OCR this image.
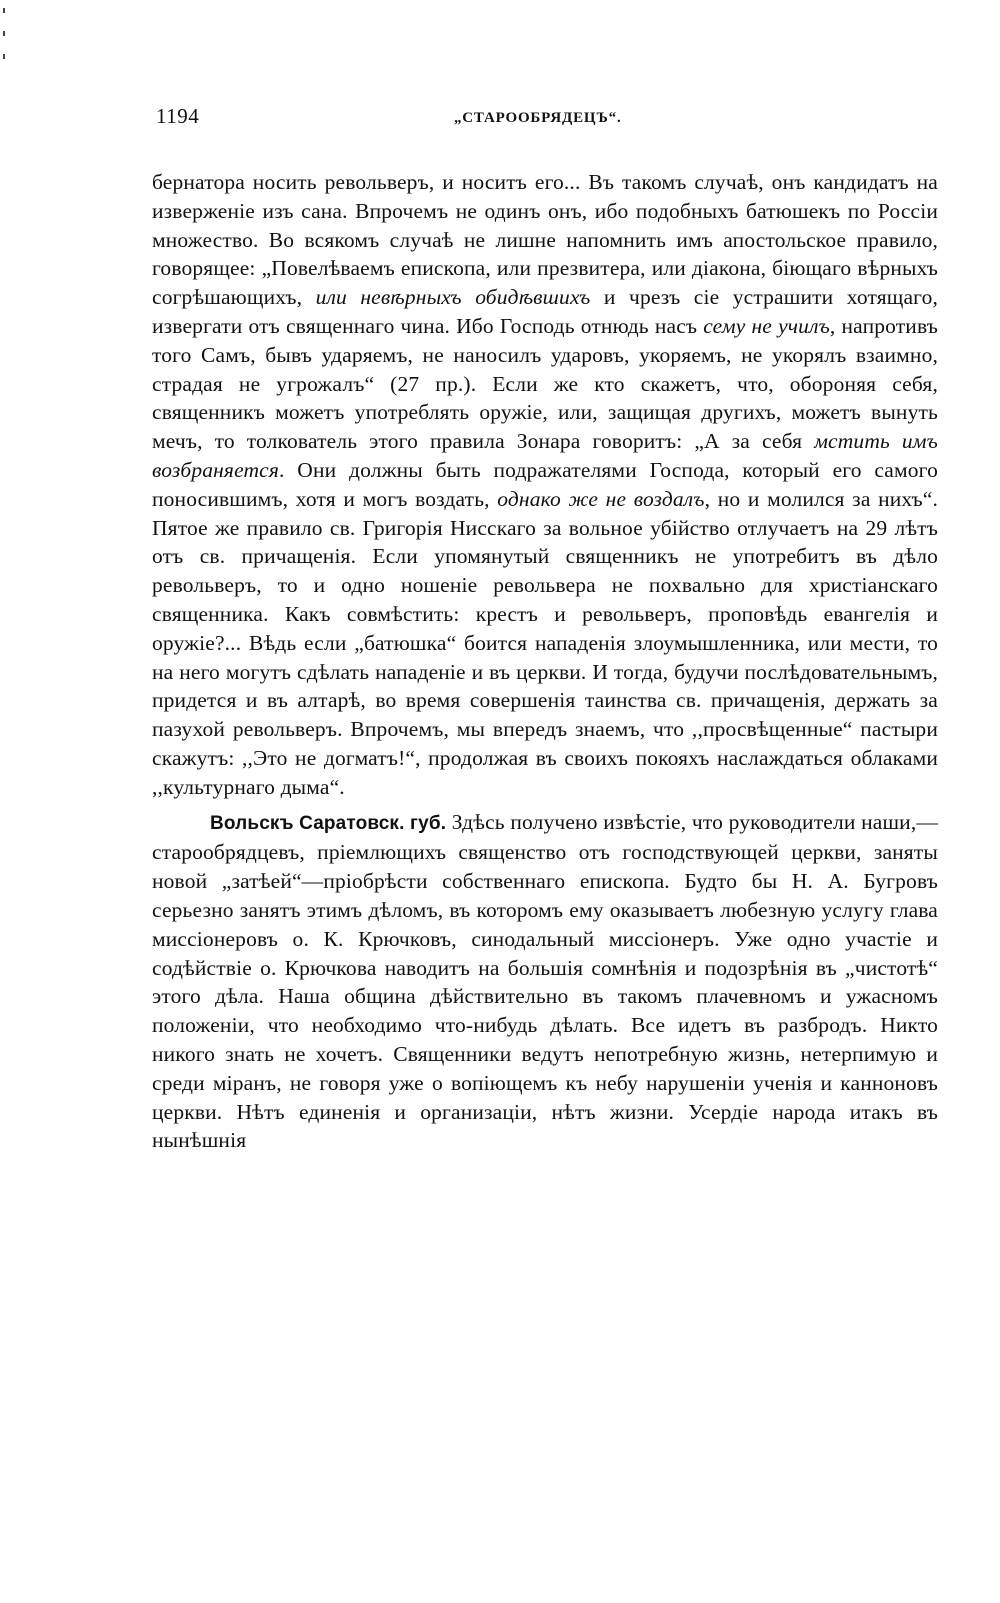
1194	„СТАРООБРЯДЕЦЪ“.

бернатора носить револьверъ, и носитъ его... Въ такомъ случаѣ, онъ кандидатъ на изверженіе изъ сана. Впрочемъ не одинъ онъ, ибо подобныхъ батюшекъ по Россіи множество. Во всякомъ случаѣ не лишне напомнить имъ апостольское правило, говорящее: „Повелѣваемъ епископа, или презвитера, или діакона, біющаго вѣрныхъ согрѣшающихъ, или невѣрныхъ обидѣвшихъ и чрезъ сіе устрашити хотящаго, извергати отъ священнаго чина. Ибо Господь отнюдь насъ сему не училъ, напротивъ того Самъ, бывъ ударяемъ, не наносилъ ударовъ, укоряемъ, не укорялъ взаимно, страдая не угрожалъ“ (27 пр.). Если же кто скажетъ, что, обороняя себя, священникъ можетъ употреблять оружіе, или, защищая другихъ, можетъ вынуть мечъ, то толкователь этого правила Зонара говоритъ: „А за себя мстить имъ возбраняется. Они должны быть подражателями Господа, который его самого поносившимъ, хотя и могъ воздать, однако же не воздалъ, но и молился за нихъ“. Пятое же правило св. Григорія Нисскаго за вольное убійство отлучаетъ на 29 лѣтъ отъ св. причащенія. Если упомянутый священникъ не употребитъ въ дѣло револьверъ, то и одно ношеніе револьвера не похвально для христіанскаго священника. Какъ совмѣстить: крестъ и револьверъ, проповѣдь евангелія и оружіе?... Вѣдь если „батюшка“ боится нападенія злоумышленника, или мести, то на него могутъ сдѣлать нападеніе и въ церкви. И тогда, будучи послѣдовательнымъ, придется и въ алтарѣ, во время совершенія таинства св. причащенія, держать за пазухой револьверъ. Впрочемъ, мы впередъ знаемъ, что ,,просвѣщенные“ пастыри скажутъ: ,,Это не догматъ!“, продолжая въ своихъ покояхъ наслаждаться облаками ,,культурнаго дыма“.

Вольскъ Саратовск. губ. Здѣсь получено извѣстіе, что руководители наши,—старообрядцевъ, пріемлющихъ священство отъ господствующей церкви, заняты новой „затѣей“—пріобрѣсти собственнаго епископа. Будто бы Н. А. Бугровъ серьезно занятъ этимъ дѣломъ, въ которомъ ему оказываетъ любезную услугу глава миссіонеровъ о. К. Крючковъ, синодальный миссіонеръ. Уже одно участіе и содѣйствіе о. Крючкова наводитъ на большія сомнѣнія и подозрѣнія въ „чистотѣ“ этого дѣла. Наша община дѣйствительно въ такомъ плачевномъ и ужасномъ положеніи, что необходимо что-нибудь дѣлать. Все идетъ въ разбродъ. Никто никого знать не хочетъ. Священники ведутъ непотребную жизнь, нетерпимую и среди міранъ, не говоря уже о вопіющемъ къ небу нарушеніи ученія и канноновъ церкви. Нѣтъ единенія и организаціи, нѣтъ жизни. Усердіе народа итакъ въ нынѣшнія
